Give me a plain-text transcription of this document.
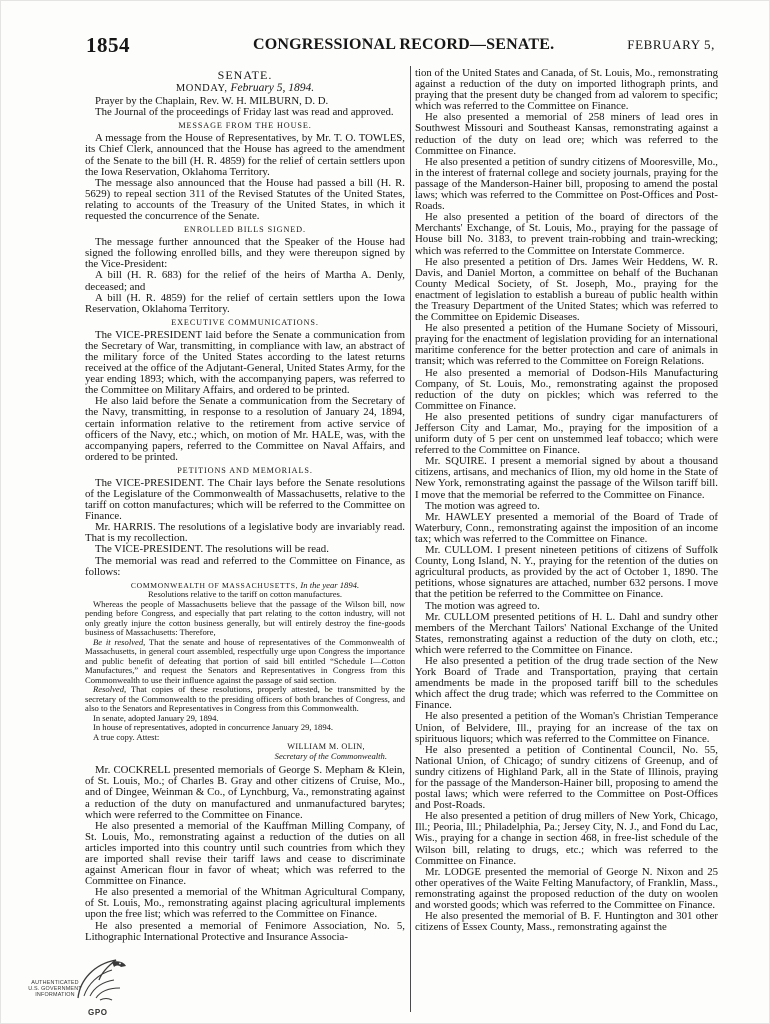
1854	CONGRESSIONAL RECORD—SENATE.	FEBRUARY 5,

SENATE.

MONDAY, February 5, 1894.

Prayer by the Chaplain, Rev. W. H. MILBURN, D. D.

The Journal of the proceedings of Friday last was read and approved.

MESSAGE FROM THE HOUSE.

A message from the House of Representatives, by Mr. T. O. TOWLES, its Chief Clerk, announced that the House has agreed to the amendment of the Senate to the bill (H. R. 4859) for the relief of certain settlers upon the Iowa Reservation, Oklahoma Territory.

The message also announced that the House had passed a bill (H. R. 5629) to repeal section 311 of the Revised Statutes of the United States, relating to accounts of the Treasury of the United States, in which it requested the concurrence of the Senate.

ENROLLED BILLS SIGNED.

The message further announced that the Speaker of the House had signed the following enrolled bills, and they were thereupon signed by the Vice-President:

A bill (H. R. 683) for the relief of the heirs of Martha A. Denly, deceased; and

A bill (H. R. 4859) for the relief of certain settlers upon the Iowa Reservation, Oklahoma Territory.

EXECUTIVE COMMUNICATIONS.

The VICE-PRESIDENT laid before the Senate a communication from the Secretary of War, transmitting, in compliance with law, an abstract of the military force of the United States according to the latest returns received at the office of the Adjutant-General, United States Army, for the year ending 1893; which, with the accompanying papers, was referred to the Committee on Military Affairs, and ordered to be printed.

He also laid before the Senate a communication from the Secretary of the Navy, transmitting, in response to a resolution of January 24, 1894, certain information relative to the retirement from active service of officers of the Navy, etc.; which, on motion of Mr. HALE, was, with the accompanying papers, referred to the Committee on Naval Affairs, and ordered to be printed.

PETITIONS AND MEMORIALS.

The VICE-PRESIDENT. The Chair lays before the Senate resolutions of the Legislature of the Commonwealth of Massachusetts, relative to the tariff on cotton manufactures; which will be referred to the Committee on Finance.

Mr. HARRIS. The resolutions of a legislative body are invariably read. That is my recollection.

The VICE-PRESIDENT. The resolutions will be read.

The memorial was read and referred to the Committee on Finance, as follows:

COMMONWEALTH OF MASSACHUSETTS, In the year 1894.

Resolutions relative to the tariff on cotton manufactures.

Whereas the people of Massachusetts believe that the passage of the Wilson bill, now pending before Congress, and especially that part relating to the cotton industry, will not only greatly injure the cotton business generally, but will entirely destroy the fine-goods business of Massachusetts: Therefore,

Be it resolved, That the senate and house of representatives of the Commonwealth of Massachusetts, in general court assembled, respectfully urge upon Congress the importance and public benefit of defeating that portion of said bill entitled “Schedule I—Cotton Manufactures,” and request the Senators and Representatives in Congress from this Commonwealth to use their influence against the passage of said section.

Resolved, That copies of these resolutions, properly attested, be transmitted by the secretary of the Commonwealth to the presiding officers of both branches of Congress, and also to the Senators and Representatives in Congress from this Commonwealth.

In senate, adopted January 29, 1894.

In house of representatives, adopted in concurrence January 29, 1894.

A true copy. Attest:

WILLIAM M. OLIN,

Secretary of the Commonwealth.

Mr. COCKRELL presented memorials of George S. Mepham & Klein, of St. Louis, Mo.; of Charles B. Gray and other citizens of Cruise, Mo., and of Dingee, Weinman & Co., of Lynchburg, Va., remonstrating against a reduction of the duty on manufactured and unmanufactured barytes; which were referred to the Committee on Finance.

He also presented a memorial of the Kauffman Milling Company, of St. Louis, Mo., remonstrating against a reduction of the duties on all articles imported into this country until such countries from which they are imported shall revise their tariff laws and cease to discriminate against American flour in favor of wheat; which was referred to the Committee on Finance.

He also presented a memorial of the Whitman Agricultural Company, of St. Louis, Mo., remonstrating against placing agricultural implements upon the free list; which was referred to the Committee on Finance.

He also presented a memorial of Fenimore Association, No. 5, Lithographic International Protective and Insurance Associa-

tion of the United States and Canada, of St. Louis, Mo., remonstrating against a reduction of the duty on imported lithograph prints, and praying that the present duty be changed from ad valorem to specific; which was referred to the Committee on Finance.

He also presented a memorial of 258 miners of lead ores in Southwest Missouri and Southeast Kansas, remonstrating against a reduction of the duty on lead ore; which was referred to the Committee on Finance.

He also presented a petition of sundry citizens of Mooresville, Mo., in the interest of fraternal college and society journals, praying for the passage of the Manderson-Hainer bill, proposing to amend the postal laws; which was referred to the Committee on Post-Offices and Post-Roads.

He also presented a petition of the board of directors of the Merchants' Exchange, of St. Louis, Mo., praying for the passage of House bill No. 3183, to prevent train-robbing and train-wrecking; which was referred to the Committee on Interstate Commerce.

He also presented a petition of Drs. James Weir Heddens, W. R. Davis, and Daniel Morton, a committee on behalf of the Buchanan County Medical Society, of St. Joseph, Mo., praying for the enactment of legislation to establish a bureau of public health within the Treasury Department of the United States; which was referred to the Committee on Epidemic Diseases.

He also presented a petition of the Humane Society of Missouri, praying for the enactment of legislation providing for an international maritime conference for the better protection and care of animals in transit; which was referred to the Committee on Foreign Relations.

He also presented a memorial of Dodson-Hils Manufacturing Company, of St. Louis, Mo., remonstrating against the proposed reduction of the duty on pickles; which was referred to the Committee on Finance.

He also presented petitions of sundry cigar manufacturers of Jefferson City and Lamar, Mo., praying for the imposition of a uniform duty of 5 per cent on unstemmed leaf tobacco; which were referred to the Committee on Finance.

Mr. SQUIRE. I present a memorial signed by about a thousand citizens, artisans, and mechanics of Ilion, my old home in the State of New York, remonstrating against the passage of the Wilson tariff bill. I move that the memorial be referred to the Committee on Finance.

The motion was agreed to.

Mr. HAWLEY presented a memorial of the Board of Trade of Waterbury, Conn., remonstrating against the imposition of an income tax; which was referred to the Committee on Finance.

Mr. CULLOM. I present nineteen petitions of citizens of Suffolk County, Long Island, N. Y., praying for the retention of the duties on agricultural products, as provided by the act of October 1, 1890. The petitions, whose signatures are attached, number 632 persons. I move that the petition be referred to the Committee on Finance.

The motion was agreed to.

Mr. CULLOM presented petitions of H. L. Dahl and sundry other members of the Merchant Tailors' National Exchange of the United States, remonstrating against a reduction of the duty on cloth, etc.; which were referred to the Committee on Finance.

He also presented a petition of the drug trade section of the New York Board of Trade and Transportation, praying that certain amendments be made in the proposed tariff bill to the schedules which affect the drug trade; which was referred to the Committee on Finance.

He also presented a petition of the Woman's Christian Temperance Union, of Belvidere, Ill., praying for an increase of the tax on spirituous liquors; which was referred to the Committee on Finance.

He also presented a petition of Continental Council, No. 55, National Union, of Chicago; of sundry citizens of Greenup, and of sundry citizens of Highland Park, all in the State of Illinois, praying for the passage of the Manderson-Hainer bill, proposing to amend the postal laws; which were referred to the Committee on Post-Offices and Post-Roads.

He also presented a petition of drug millers of New York, Chicago, Ill.; Peoria, Ill.; Philadelphia, Pa.; Jersey City, N. J., and Fond du Lac, Wis., praying for a change in section 468, in free-list schedule of the Wilson bill, relating to drugs, etc.; which was referred to the Committee on Finance.

Mr. LODGE presented the memorial of George N. Nixon and 25 other operatives of the Waite Felting Manufactory, of Franklin, Mass., remonstrating against the proposed reduction of the duty on woolen and worsted goods; which was referred to the Committee on Finance.

He also presented the memorial of B. F. Huntington and 301 other citizens of Essex County, Mass., remonstrating against the

AUTHENTICATED
U.S. GOVERNMENT
INFORMATION
GPO
